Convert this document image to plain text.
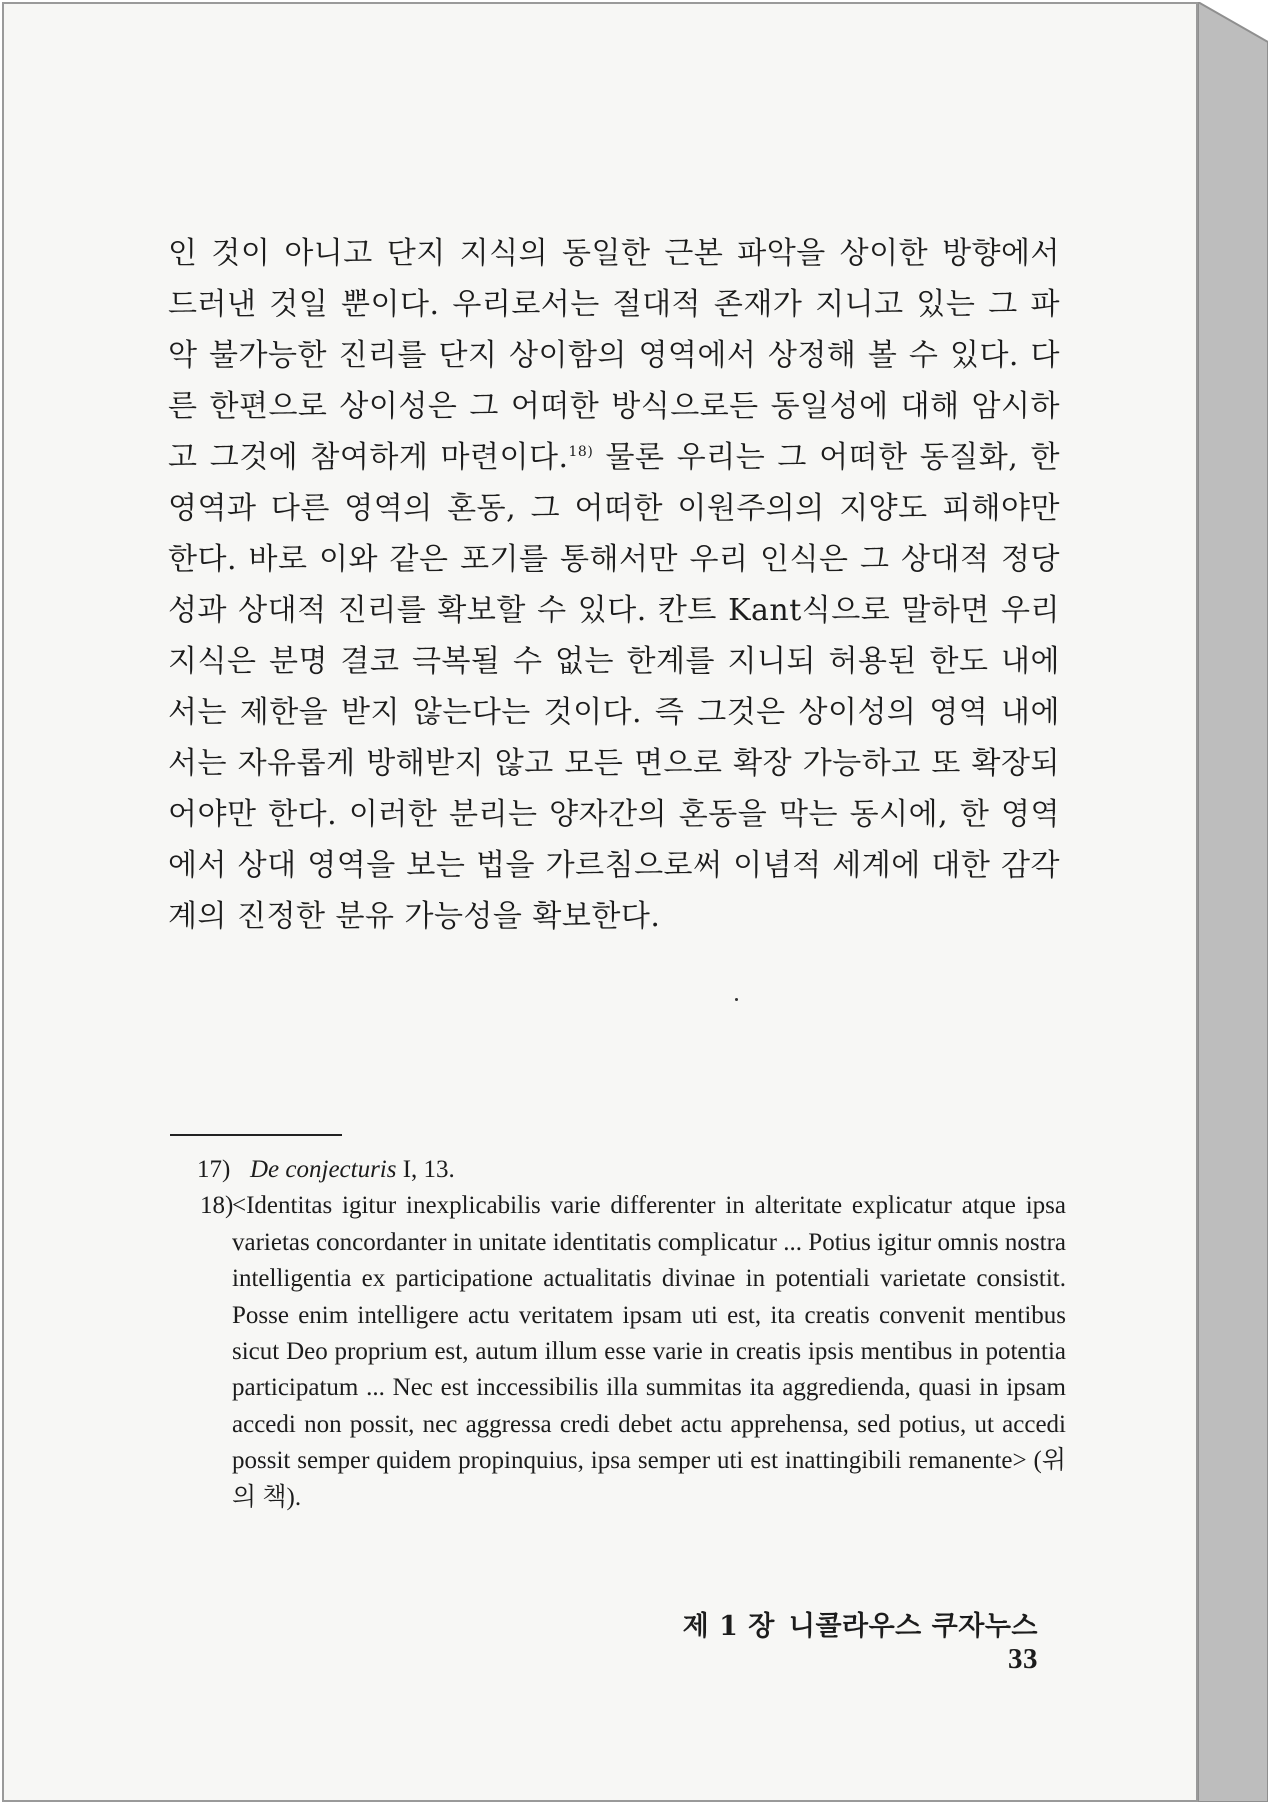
인 것이 아니고 단지 지식의 동일한 근본 파악을 상이한 방향에서 드러낸 것일 뿐이다. 우리로서는 절대적 존재가 지니고 있는 그 파악 불가능한 진리를 단지 상이함의 영역에서 상정해 볼 수 있다. 다른 한편으로 상이성은 그 어떠한 방식으로든 동일성에 대해 암시하고 그것에 참여하게 마련이다.$^{18)}$ 물론 우리는 그 어떠한 동질화, 한 영역과 다른 영역의 혼동, 그 어떠한 이원주의의 지양도 피해야만 한다. 바로 이와 같은 포기를 통해서만 우리 인식은 그 상대적 정당성과 상대적 진리를 확보할 수 있다. 칸트 Kant식으로 말하면 우리 지식은 분명 결코 극복될 수 없는 한계를 지니되 허용된 한도 내에서는 제한을 받지 않는다는 것이다. 즉 그것은 상이성의 영역 내에서는 자유롭게 방해받지 않고 모든 면으로 확장 가능하고 또 확장되어야만 한다. 이러한 분리는 양자간의 혼동을 막는 동시에, 한 영역에서 상대 영역을 보는 법을 가르침으로써 이념적 세계에 대한 감각계의 진정한 분유 가능성을 확보한다.

17) De conjecturis I, 13.

18)
<Identitas igitur inexplicabilis varie differenter in alteritate explicatur atque ipsa varietas concordanter in unitate identitatis complicatur ... Potius igitur omnis nostra intelligentia ex participatione actualitatis divinae in potentiali varietate consistit. Posse enim intelligere actu veritatem ipsam uti est, ita creatis convenit mentibus sicut Deo proprium est, autum illum esse varie in creatis ipsis mentibus in potentia participatum ... Nec est inccessibilis illa summitas ita aggredienda, quasi in ipsam accedi non possit, nec aggressa credi debet actu apprehensa, sed potius, ut accedi possit semper quidem propinquius, ipsa semper uti est inattingibili remanente> (위의 책).

제 1 장 니콜라우스 쿠자누스33
